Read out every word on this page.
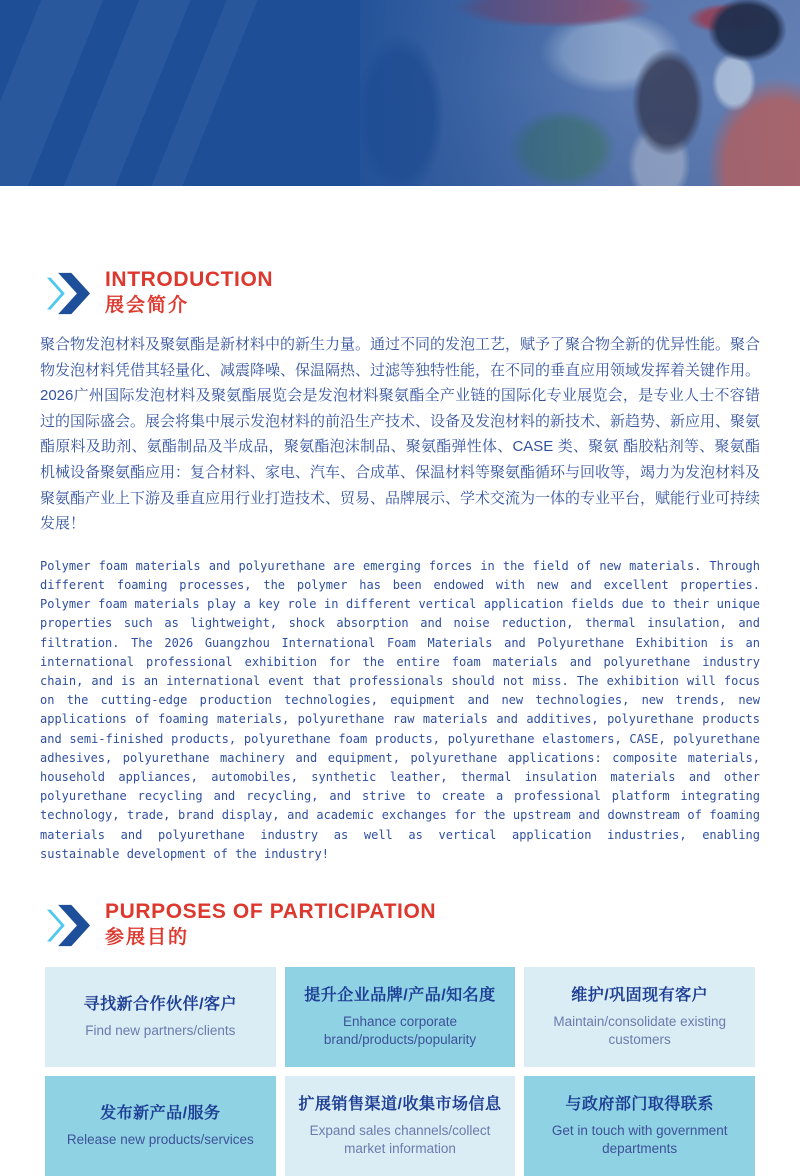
INTRODUCTION
展会简介

聚合物发泡材料及聚氨酯是新材料中的新生力量。通过不同的发泡工艺，赋予了聚合物全新的优异性能。聚合物发泡材料凭借其轻量化、减震降噪、保温隔热、过滤等独特性能，在不同的垂直应用领域发挥着关键作用。2026广州国际发泡材料及聚氨酯展览会是发泡材料聚氨酯全产业链的国际化专业展览会，是专业人士不容错过的国际盛会。展会将集中展示发泡材料的前沿生产技术、设备及发泡材料的新技术、新趋势、新应用、聚氨酯原料及助剂、氨酯制品及半成品，聚氨酯泡沫制品、聚氨酯弹性体、CASE 类、聚氨 酯胶粘剂等、聚氨酯机械设备聚氨酯应用：复合材料、家电、汽车、合成革、保温材料等聚氨酯循环与回收等，竭力为发泡材料及聚氨酯产业上下游及垂直应用行业打造技术、贸易、品牌展示、学术交流为一体的专业平台，赋能行业可持续发展！

Polymer foam materials and polyurethane are emerging forces in the field of new materials. Through different foaming processes, the polymer has been endowed with new and excellent properties. Polymer foam materials play a key role in different vertical application fields due to their unique properties such as lightweight, shock absorption and noise reduction, thermal insulation, and filtration. The 2026 Guangzhou International Foam Materials and Polyurethane Exhibition is an international professional exhibition for the entire foam materials and polyurethane industry chain, and is an international event that professionals should not miss. The exhibition will focus on the cutting-edge production technologies, equipment and new technologies, new trends, new applications of foaming materials, polyurethane raw materials and additives, polyurethane products and semi-finished products, polyurethane foam products, polyurethane elastomers, CASE, polyurethane adhesives, polyurethane machinery and equipment, polyurethane applications: composite materials, household appliances, automobiles, synthetic leather, thermal insulation materials and other polyurethane recycling and recycling, and strive to create a professional platform integrating technology, trade, brand display, and academic exchanges for the upstream and downstream of foaming materials and polyurethane industry as well as vertical application industries, enabling sustainable development of the industry!

PURPOSES OF PARTICIPATION
参展目的
寻找新合作伙伴/客户
Find new partners/clients
提升企业品牌/产品/知名度
Enhance corporate brand/products/popularity
维护/巩固现有客户
Maintain/consolidate existing customers
发布新产品/服务
Release new products/services
扩展销售渠道/收集市场信息
Expand sales channels/collect market information
与政府部门取得联系
Get in touch with government departments
